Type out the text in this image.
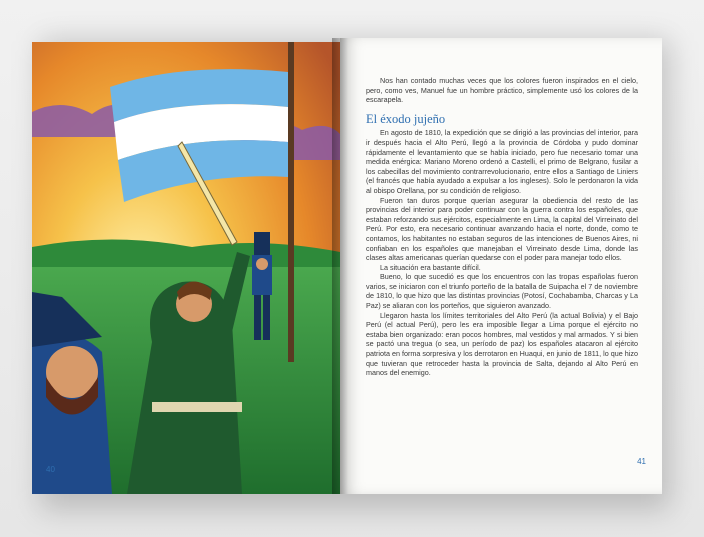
40

Nos han contado muchas veces que los colores fueron inspirados en el cielo, pero, como ves, Manuel fue un hombre práctico, simplemente usó los colores de la escarapela.

El éxodo jujeño

En agosto de 1810, la expedición que se dirigió a las provincias del interior, para ir después hacia el Alto Perú, llegó a la provincia de Córdoba y pudo dominar rápidamente el levantamiento que se había iniciado, pero fue necesario tomar una medida enérgica: Mariano Moreno ordenó a Castelli, el primo de Belgrano, fusilar a los cabecillas del movimiento contrarrevolucionario, entre ellos a Santiago de Liniers (el francés que había ayudado a expulsar a los ingleses). Solo le perdonaron la vida al obispo Orellana, por su condición de religioso.

Fueron tan duros porque querían asegurar la obediencia del resto de las provincias del interior para poder continuar con la guerra contra los españoles, que estaban reforzando sus ejércitos, especialmente en Lima, la capital del Virreinato del Perú. Por esto, era necesario continuar avanzando hacia el norte, donde, como te contamos, los habitantes no estaban seguros de las intenciones de Buenos Aires, ni confiaban en los españoles que manejaban el Virreinato desde Lima, donde las clases altas americanas querían quedarse con el poder para manejar todo ellos.

La situación era bastante difícil.

Bueno, lo que sucedió es que los encuentros con las tropas españolas fueron varios, se iniciaron con el triunfo porteño de la batalla de Suipacha el 7 de noviembre de 1810, lo que hizo que las distintas provincias (Potosí, Cochabamba, Charcas y La Paz) se aliaran con los porteños, que siguieron avanzado.

Llegaron hasta los límites territoriales del Alto Perú (la actual Bolivia) y el Bajo Perú (el actual Perú), pero les era imposible llegar a Lima porque el ejército no estaba bien organizado: eran pocos hombres, mal vestidos y mal armados. Y si bien se pactó una tregua (o sea, un período de paz) los españoles atacaron al ejército patriota en forma sorpresiva y los derrotaron en Huaqui, en junio de 1811, lo que hizo que tuvieran que retroceder hasta la provincia de Salta, dejando al Alto Perú en manos del enemigo.

41
